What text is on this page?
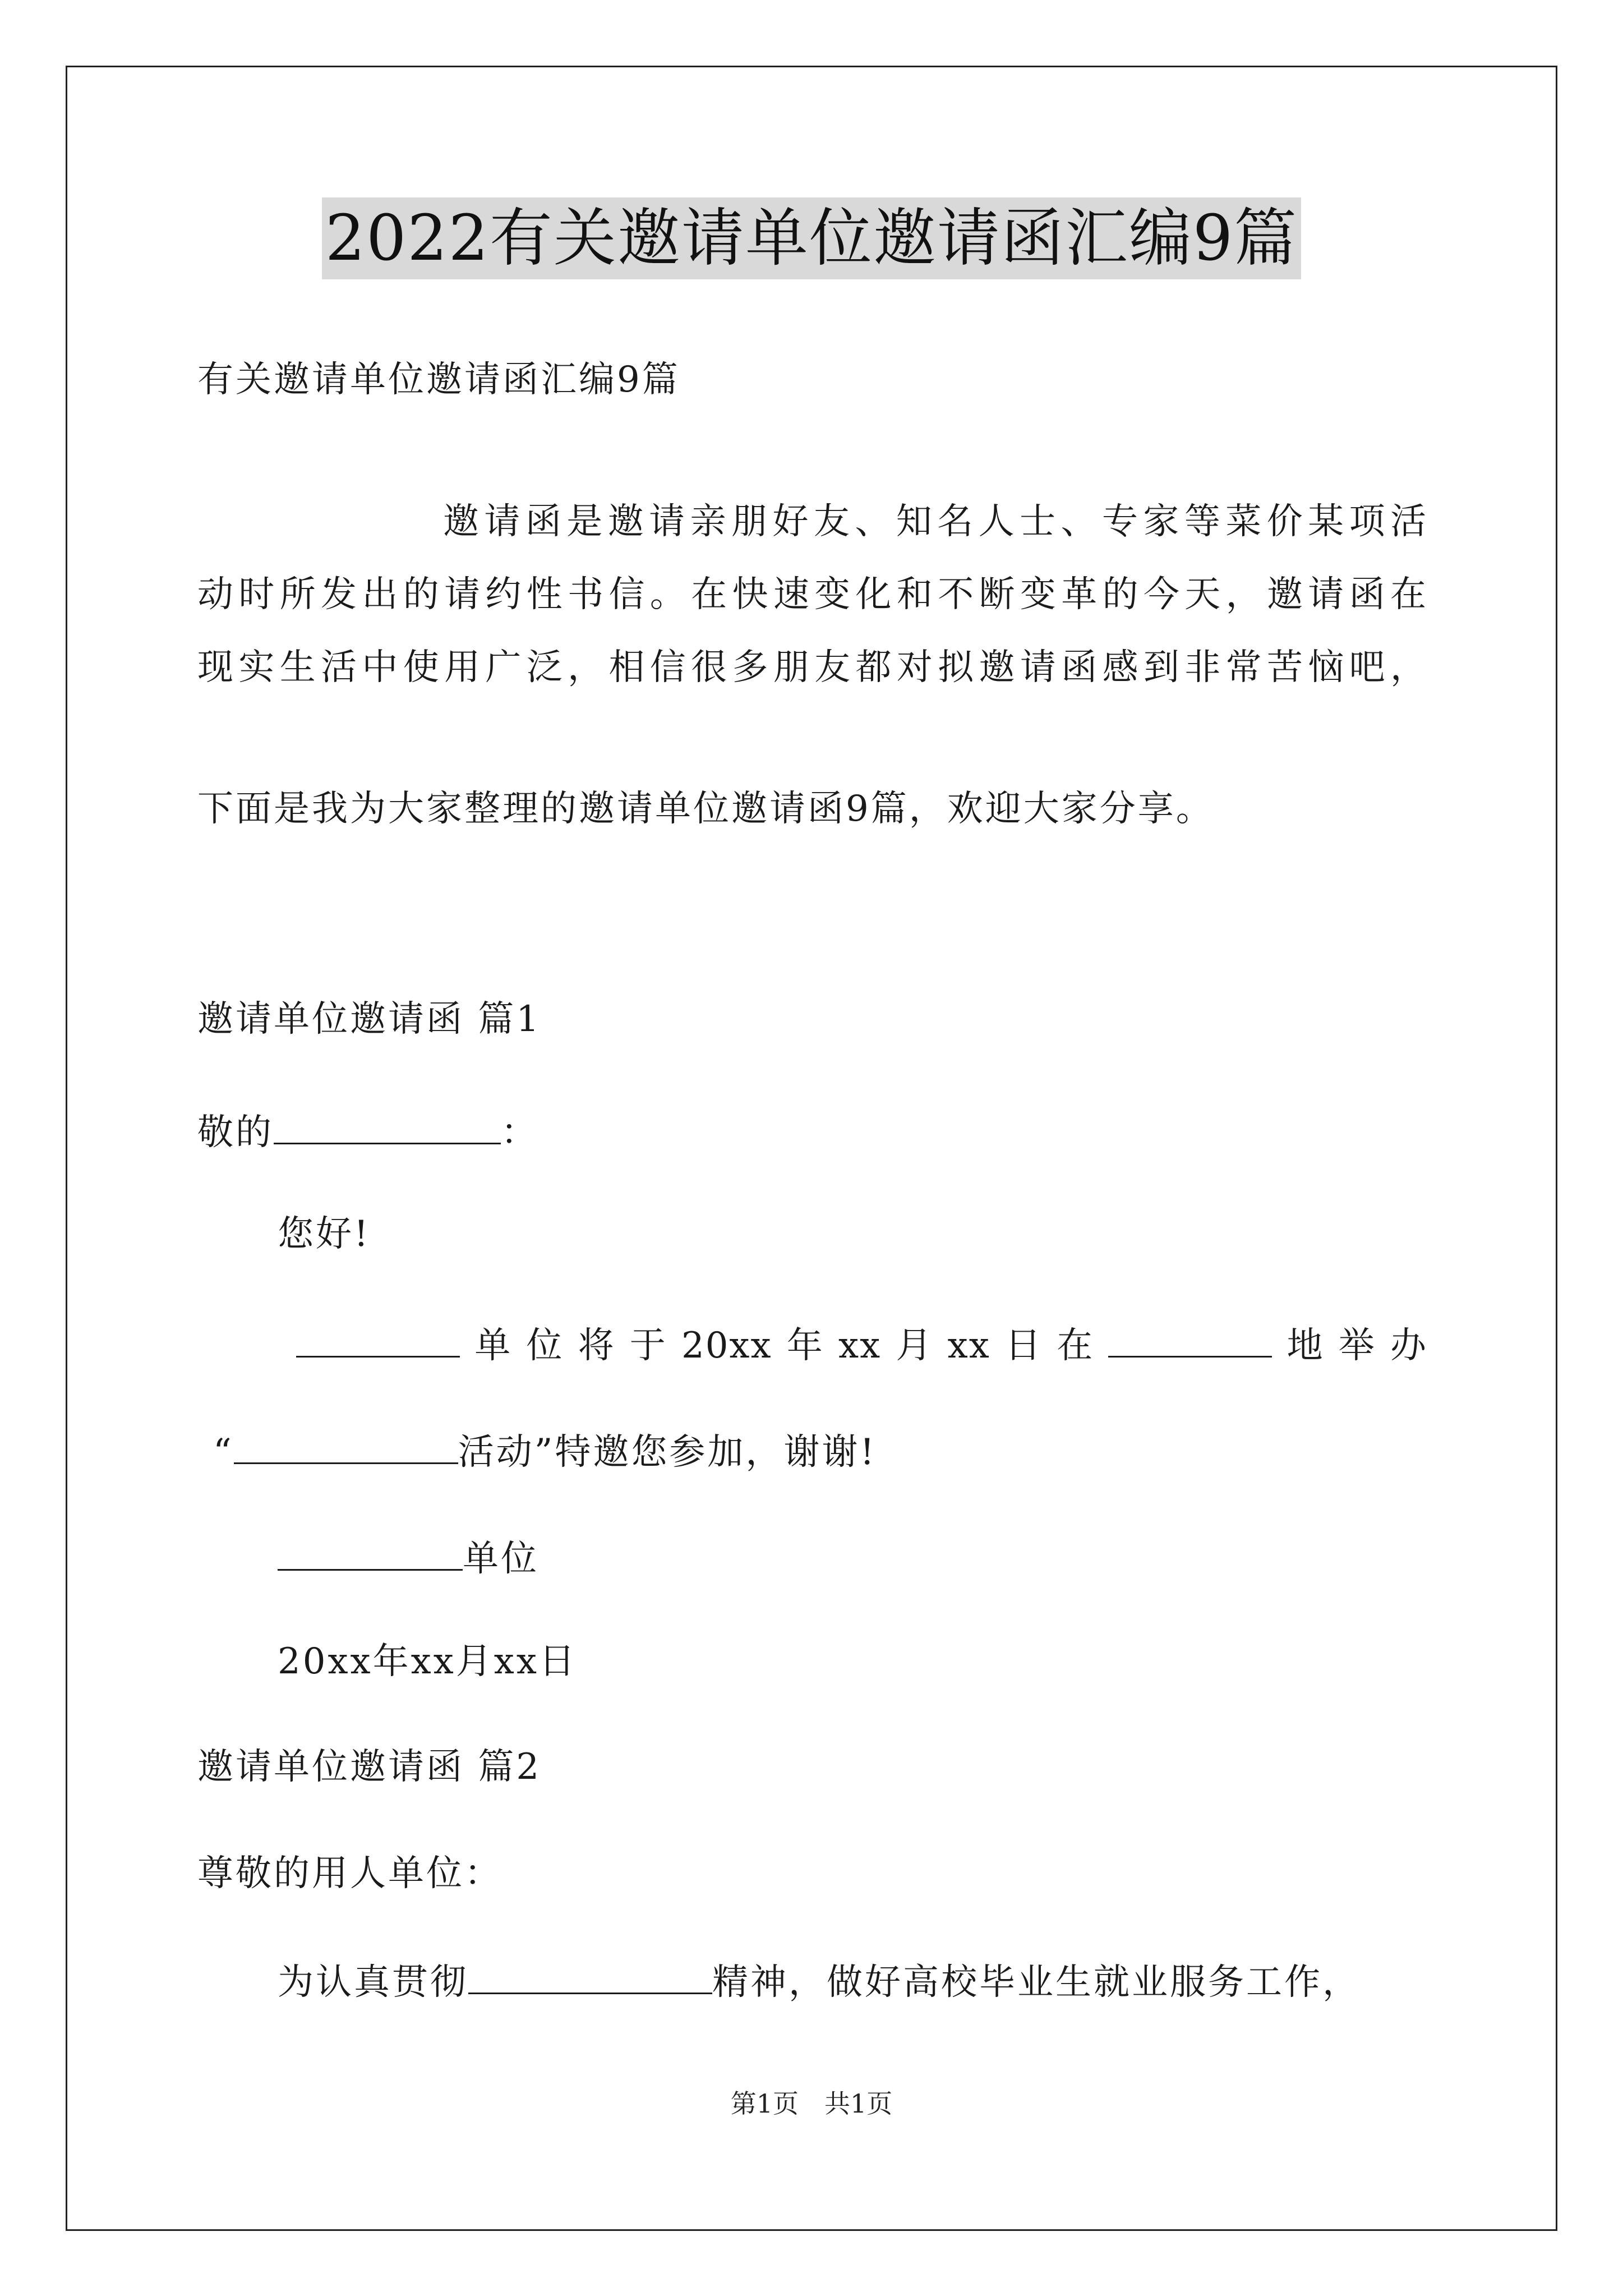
2022有关邀请单位邀请函汇编9篇
有关邀请单位邀请函汇编9篇
邀请函是邀请亲朋好友、知名人士、专家等菜价某项活
动时所发出的请约性书信。在快速变化和不断变革的今天，邀请函在
现实生活中使用广泛，相信很多朋友都对拟邀请函感到非常苦恼吧，
下面是我为大家整理的邀请单位邀请函9篇，欢迎大家分享。
邀请单位邀请函 篇1
敬的	：
您好!
单位将于20xx年xx月xx日在	地举办
“	活动”特邀您参加，谢谢!
单位
20xx年xx月xx日
邀请单位邀请函 篇2
尊敬的用人单位：
为认真贯彻	精神，做好高校毕业生就业服务工作，
第1页　共1页
